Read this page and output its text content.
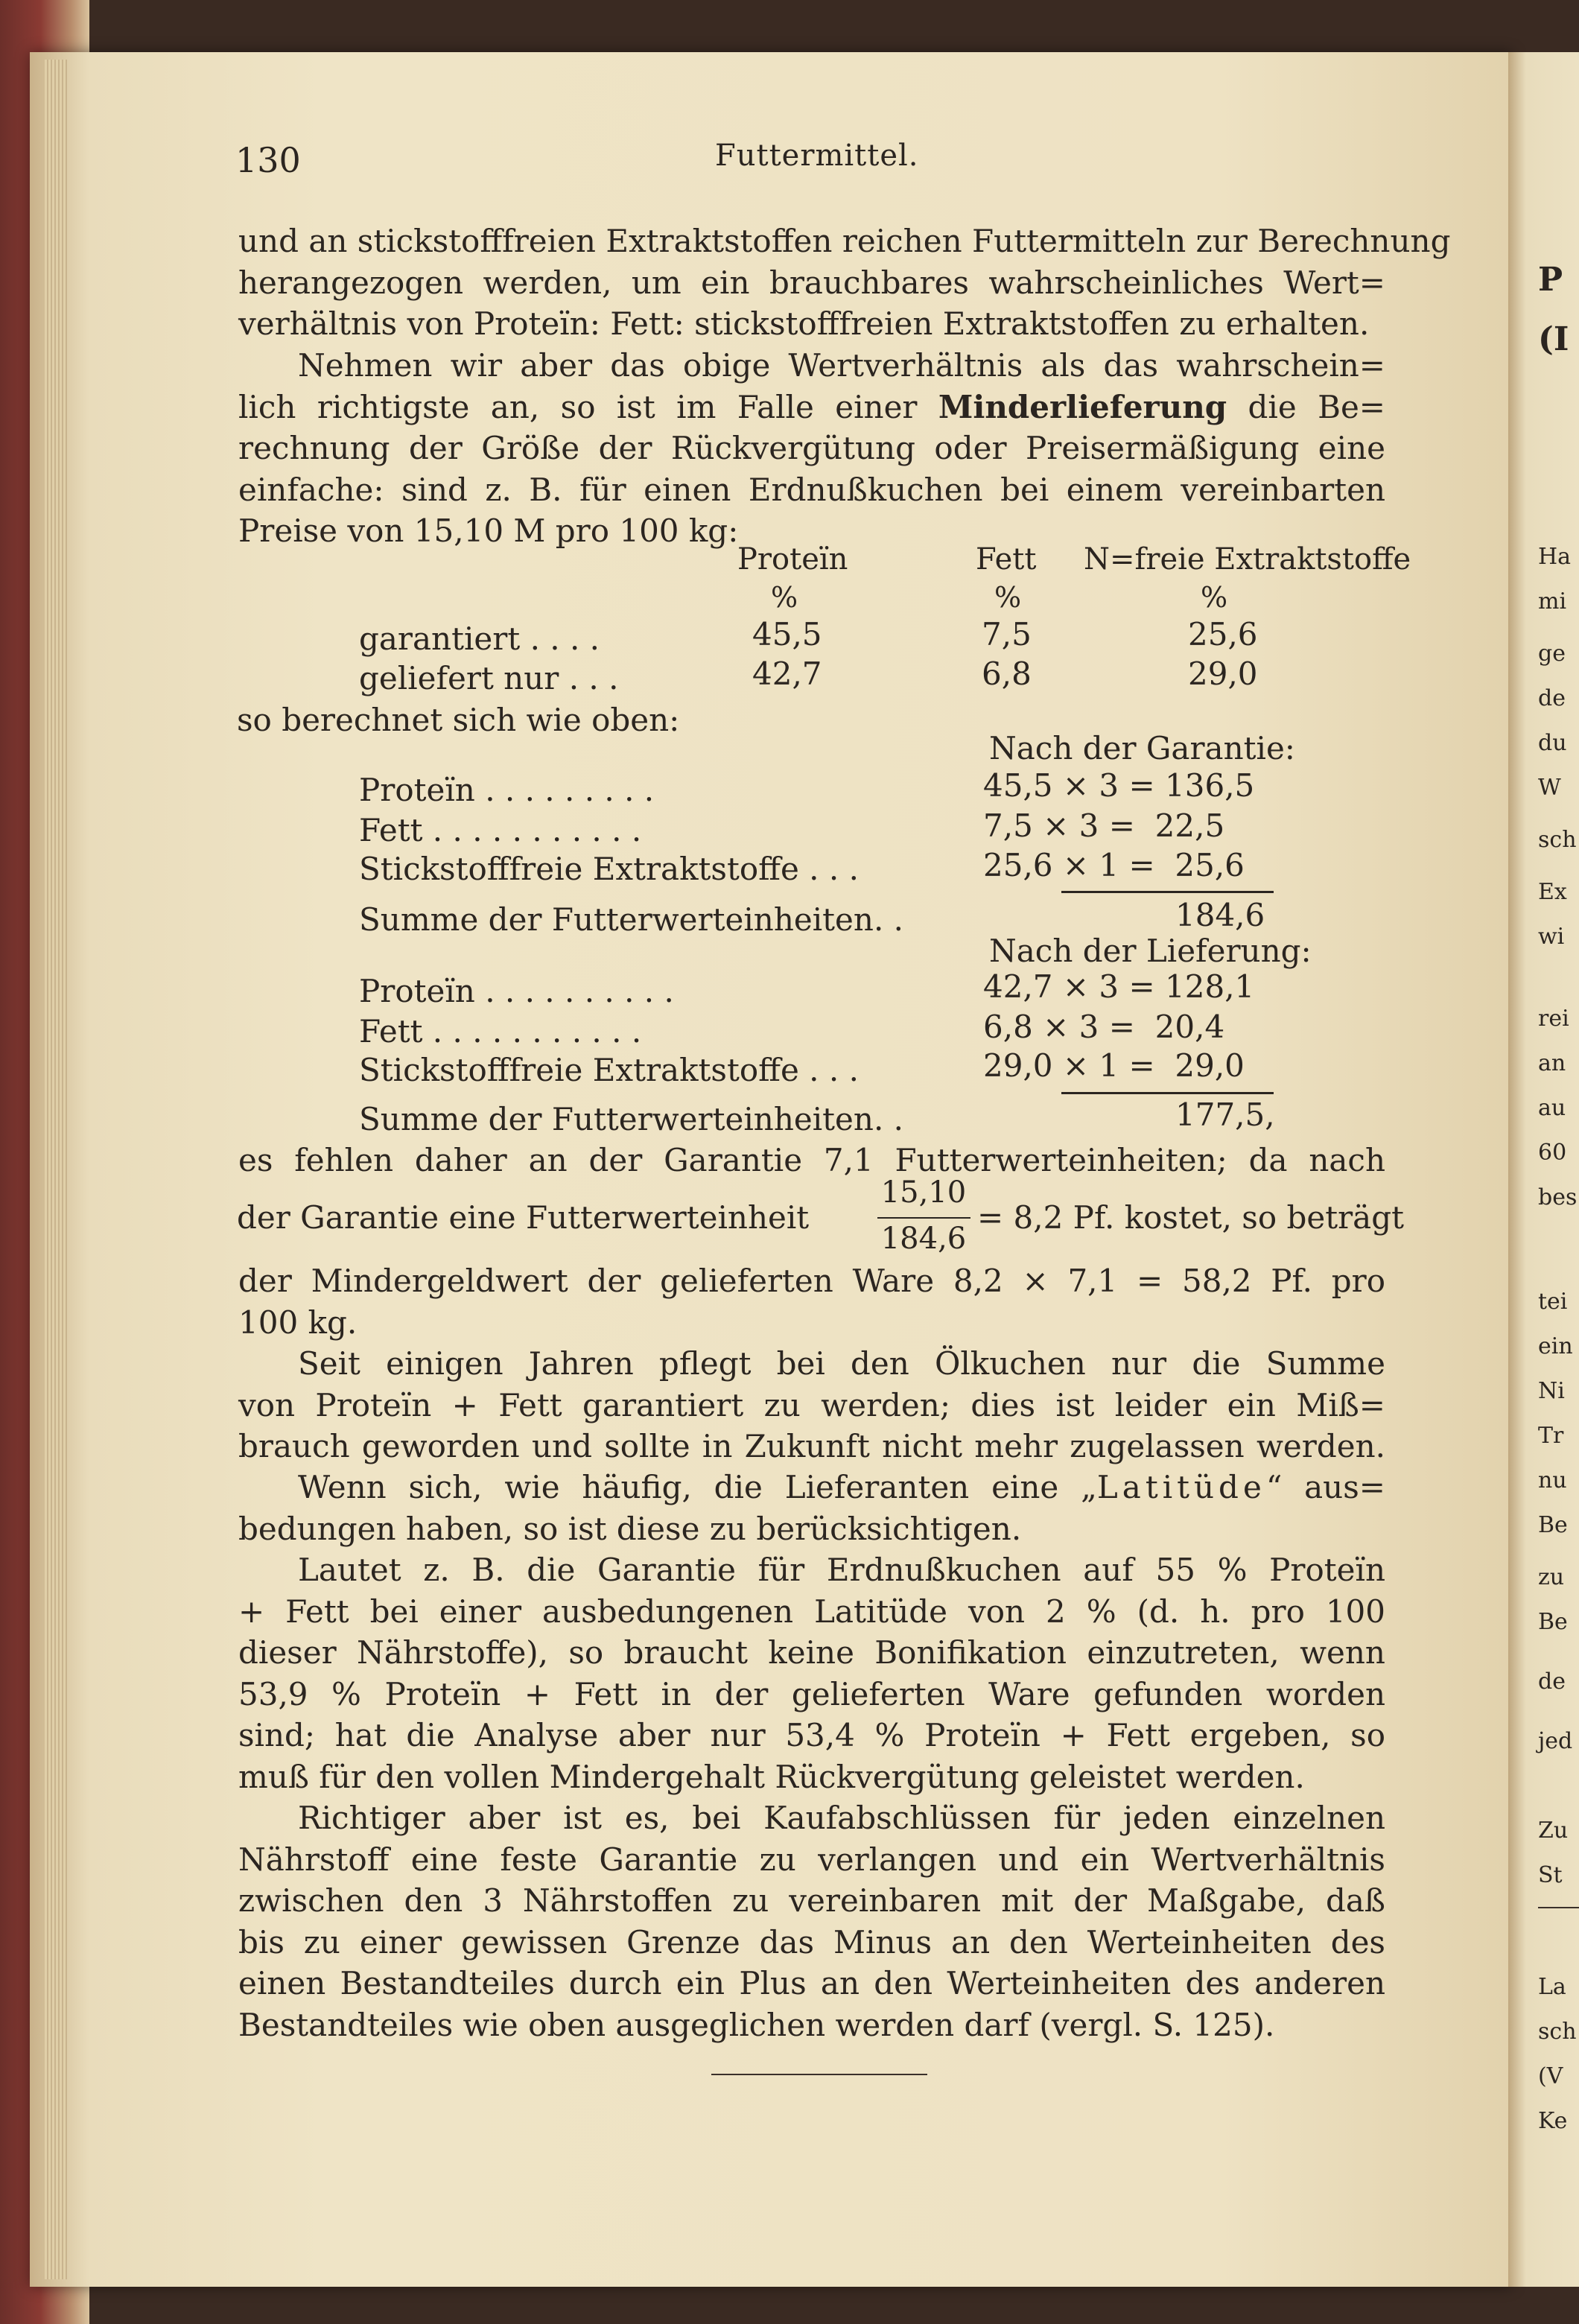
P
(I
Ha
mi
ge
de
du
W
sch
Ex
wi
rei
an
au
60
bes
tei
ein
Ni
Tr
nu
Be
zu
Be
de
jed
Zu
St
La
sch
(V
Ke
130	Futtermittel.
und an stickstofffreien Extraktstoffen reichen Futtermitteln zur Berechnung
herangezogen werden, um ein brauchbares wahrscheinliches Wert=
verhältnis von Proteïn: Fett: stickstofffreien Extraktstoffen zu erhalten.
Nehmen wir aber das obige Wertverhältnis als das wahrschein=
lich richtigste an, so ist im Falle einer Minderlieferung die Be=
rechnung der Größe der Rückvergütung oder Preisermäßigung eine
einfache: sind z. B. für einen Erdnußkuchen bei einem vereinbarten
Preise von 15,10 M pro 100 kg:
Proteïn	Fett N=freie Extraktstoffe
%	%	%
garantiert . . . .	45,5	7,5	25,6
geliefert nur . . .	42,7	6,8	29,0
so berechnet sich wie oben:
Nach der Garantie:
Proteïn . . . . . . . . .	45,5 × 3 = 136,5
Fett . . . . . . . . . . .	7,5 × 3 =  22,5
Stickstofffreie Extraktstoffe . . .	25,6 × 1 =  25,6
Summe der Futterwerteinheiten. .	184,6
Nach der Lieferung:
Proteïn . . . . . . . . . .	42,7 × 3 = 128,1
Fett . . . . . . . . . . .	6,8 × 3 =  20,4
Stickstofffreie Extraktstoffe . . .	29,0 × 1 =  29,0
Summe der Futterwerteinheiten. .	177,5,
es fehlen daher an der Garantie 7,1 Futterwerteinheiten; da nach
der Garantie eine Futterwerteinheit
15,10
184,6
= 8,2 Pf. kostet, so beträgt
der Mindergeldwert der gelieferten Ware 8,2 × 7,1 = 58,2 Pf. pro
100 kg.
Seit einigen Jahren pflegt bei den Ölkuchen nur die Summe
von Proteïn + Fett garantiert zu werden; dies ist leider ein Miß=
brauch geworden und sollte in Zukunft nicht mehr zugelassen werden.
Wenn sich, wie häufig, die Lieferanten eine „Latitüde“ aus=
bedungen haben, so ist diese zu berücksichtigen.
Lautet z. B. die Garantie für Erdnußkuchen auf 55 % Proteïn
+ Fett bei einer ausbedungenen Latitüde von 2 % (d. h. pro 100
dieser Nährstoffe), so braucht keine Bonifikation einzutreten, wenn
53,9 % Proteïn + Fett in der gelieferten Ware gefunden worden
sind; hat die Analyse aber nur 53,4 % Proteïn + Fett ergeben, so
muß für den vollen Mindergehalt Rückvergütung geleistet werden.
Richtiger aber ist es, bei Kaufabschlüssen für jeden einzelnen
Nährstoff eine feste Garantie zu verlangen und ein Wertverhältnis
zwischen den 3 Nährstoffen zu vereinbaren mit der Maßgabe, daß
bis zu einer gewissen Grenze das Minus an den Werteinheiten des
einen Bestandteiles durch ein Plus an den Werteinheiten des anderen
Bestandteiles wie oben ausgeglichen werden darf (vergl. S. 125).
